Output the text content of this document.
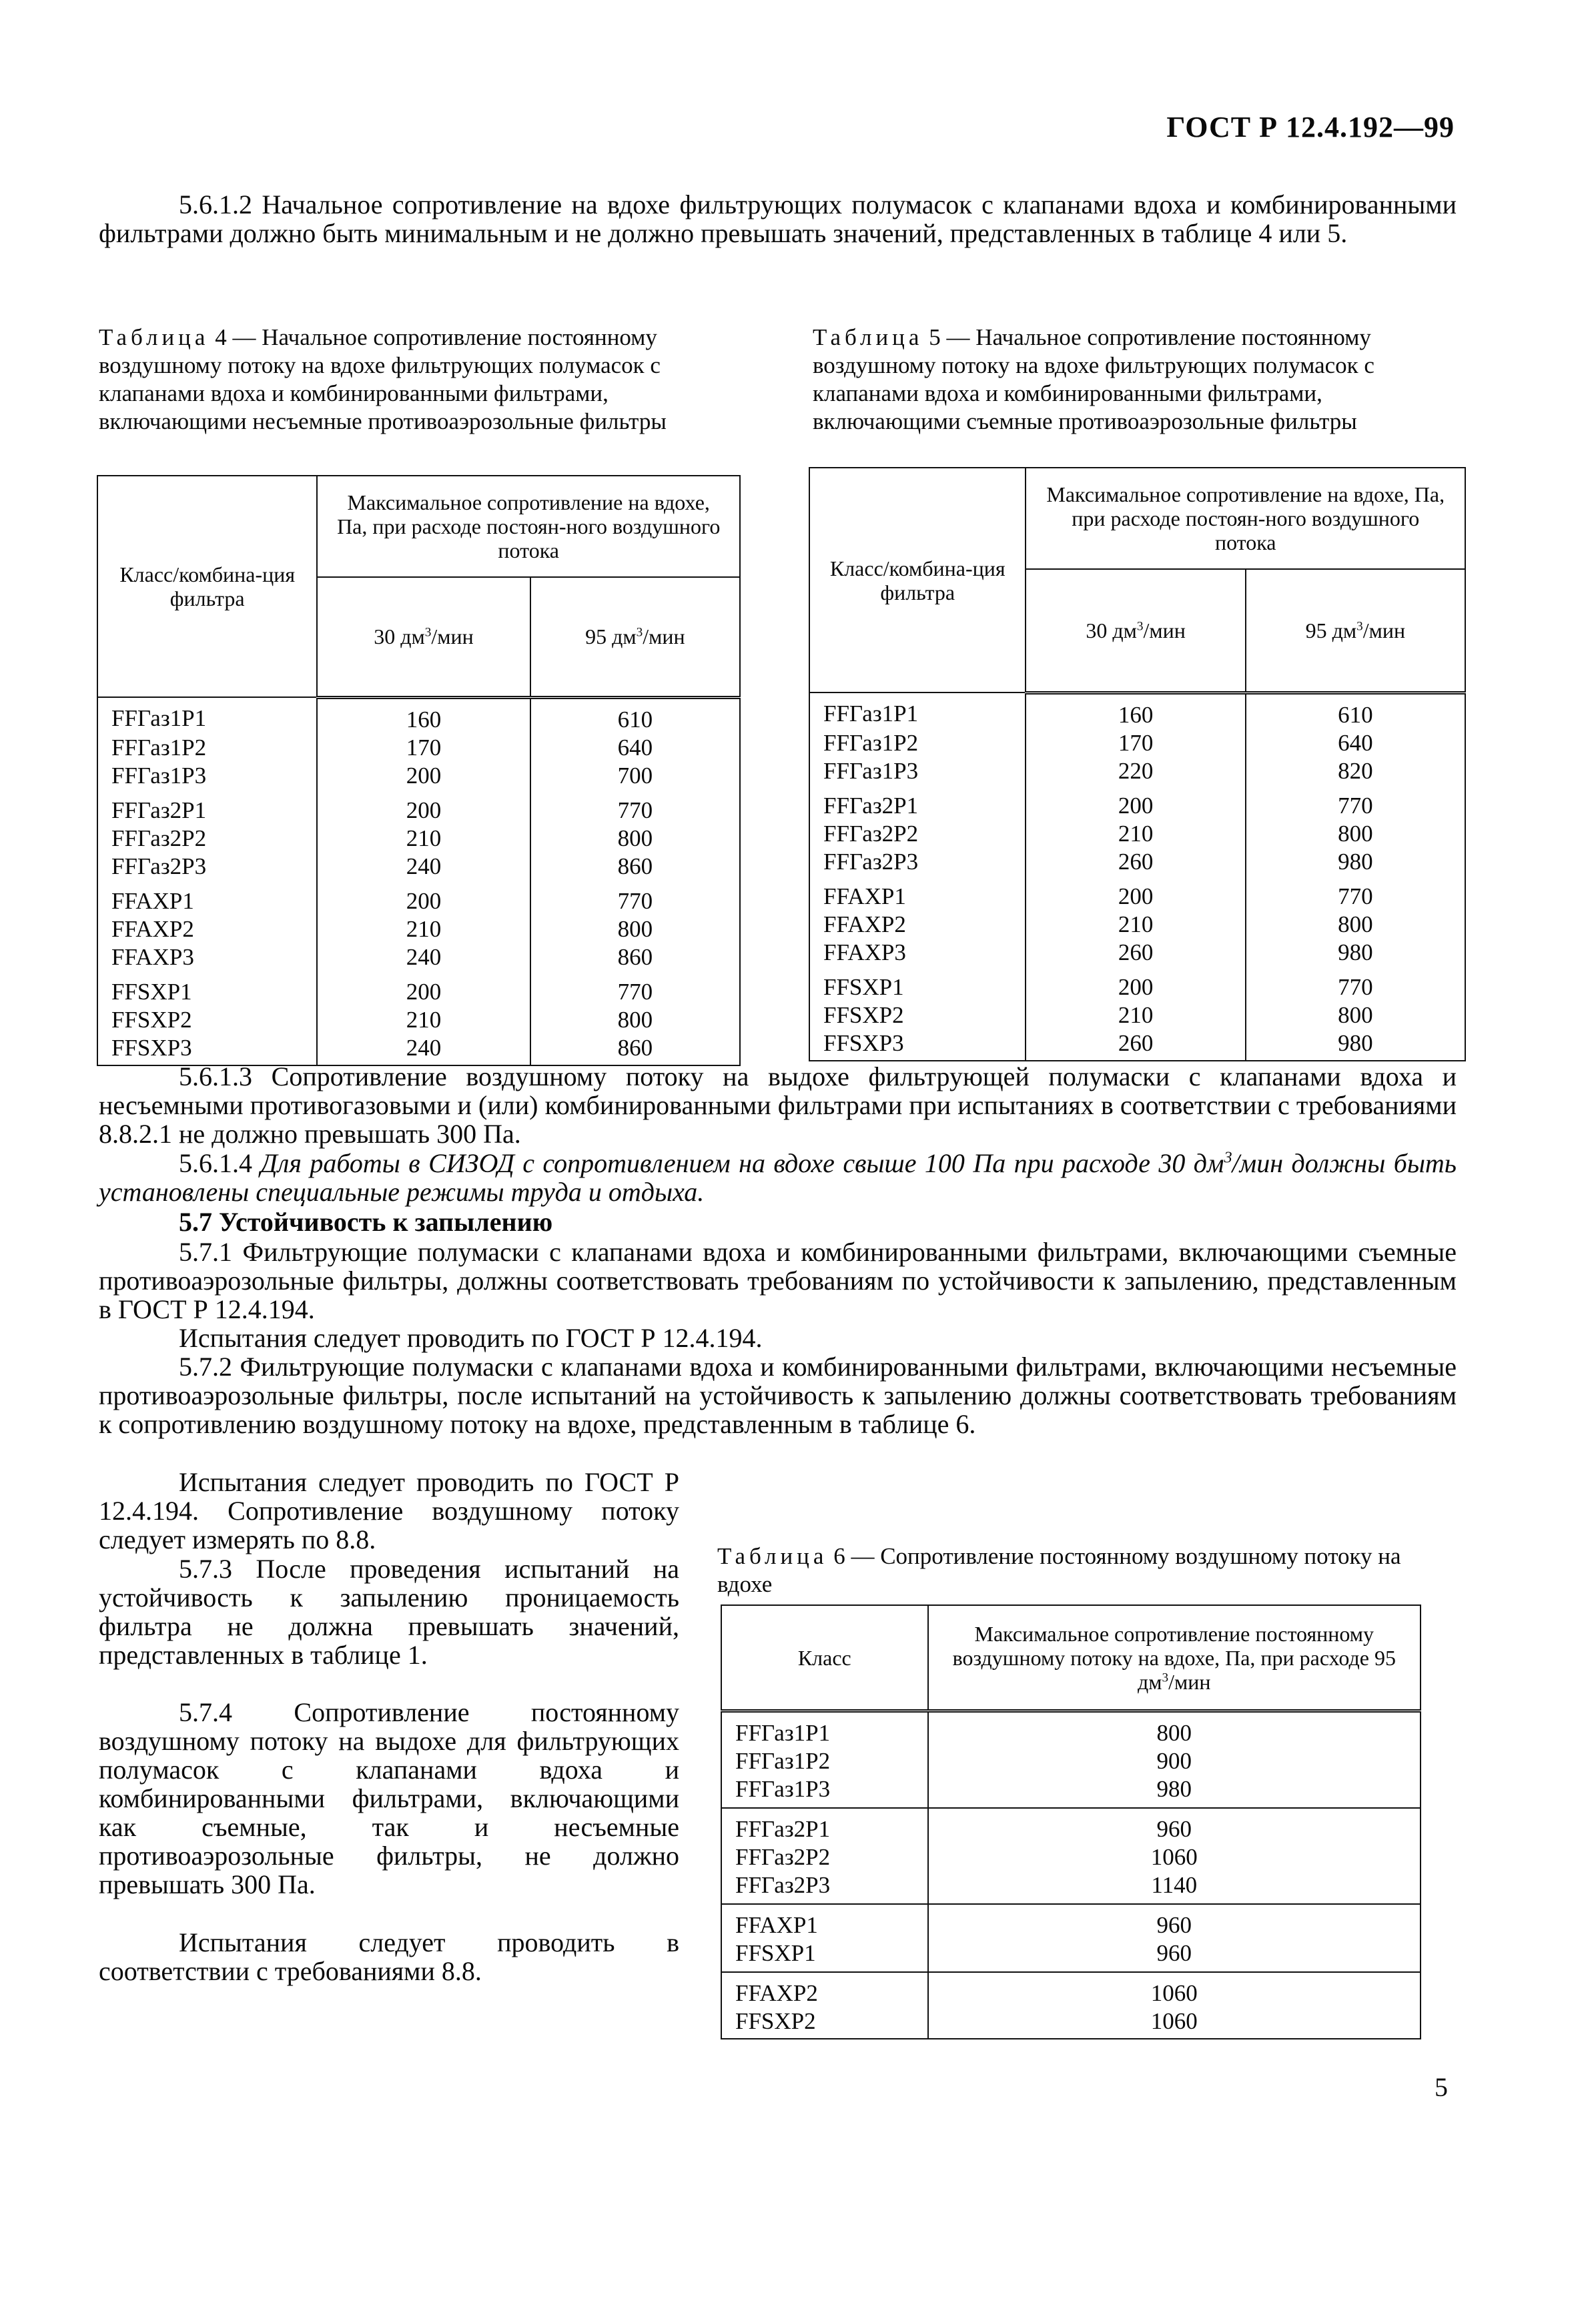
ГОСТ Р 12.4.192—99
5.6.1.2 Начальное сопротивление на вдохе фильтрующих полумасок с клапанами вдоха и комбинированными фильтрами должно быть минимальным и не должно превышать значений, представленных в таблице 4 или 5.
Таблица 4 — Начальное сопротивление постоянному воздушному потоку на вдохе фильтрующих полумасок с клапанами вдоха и комбинированными фильтрами, включающими несъемные противоаэрозольные фильтры
Класс/комбина-ция фильтра	Максимальное сопротивление на вдохе, Па, при расходе постоян-ного воздушного потока	
	30 $дм^3$/мин	95 $дм^3$/мин
FFГаз1Р1	160	610
FFГаз1Р2	170	640
FFГаз1Р3	200	700
FFГаз2Р1	200	770
FFГаз2Р2	210	800
FFГаз2Р3	240	860
FFAXP1	200	770
FFAXP2	210	800
FFAXP3	240	860
FFSXP1	200	770
FFSXP2	210	800
FFSXP3	240	860
Таблица 5 — Начальное сопротивление постоянному воздушному потоку на вдохе фильтрующих полумасок с клапанами вдоха и комбинированными фильтрами, включающими съемные противоаэрозольные фильтры
Класс/комбина-ция фильтра	Максимальное сопротивление на вдохе, Па, при расходе постоян-ного воздушного потока	
	30 $дм^3$/мин	95 $дм^3$/мин
FFГаз1Р1	160	610
FFГаз1Р2	170	640
FFГаз1Р3	220	820
FFГаз2Р1	200	770
FFГаз2Р2	210	800
FFГаз2Р3	260	980
FFAXP1	200	770
FFAXP2	210	800
FFAXP3	260	980
FFSXP1	200	770
FFSXP2	210	800
FFSXP3	260	980
5.6.1.3 Сопротивление воздушному потоку на выдохе фильтрующей полумаски с клапанами вдоха и несъемными противогазовыми и (или) комбинированными фильтрами при испытаниях в соответствии с требованиями 8.8.2.1 не должно превышать 300 Па.
5.6.1.4 Для работы в СИЗОД с сопротивлением на вдохе свыше 100 Па при расходе 30 $дм^3$/мин должны быть установлены специальные режимы труда и отдыха.
5.7 Устойчивость к запылению
5.7.1 Фильтрующие полумаски с клапанами вдоха и комбинированными фильтрами, включающими съемные противоаэрозольные фильтры, должны соответствовать требованиям по устойчивости к запылению, представленным в ГОСТ Р 12.4.194.
Испытания следует проводить по ГОСТ Р 12.4.194.
5.7.2 Фильтрующие полумаски с клапанами вдоха и комбинированными фильтрами, включающими несъемные противоаэрозольные фильтры, после испытаний на устойчивость к запылению должны соответствовать требованиям к сопротивлению воздушному потоку на вдохе, представленным в таблице 6.
Испытания следует проводить по ГОСТ Р 12.4.194. Сопротивление воздушному потоку следует измерять по 8.8.
5.7.3 После проведения испытаний на устойчивость к запылению проницаемость фильтра не должна превышать значений, представленных в таблице 1.
5.7.4 Сопротивление постоянному воздушному потоку на выдохе для фильтрующих полумасок с клапанами вдоха и комбинированными фильтрами, включающими как съемные, так и несъемные противоаэрозольные фильтры, не должно превышать 300 Па.
Испытания следует проводить в соответствии с требованиями 8.8.
Таблица 6 — Сопротивление постоянному воздушному потоку на вдохе
Класс	Максимальное сопротивление постоянному воздушному потоку на вдохе, Па, при расходе 95 $дм^3$/мин
FFГаз1Р1	800
FFГаз1Р2	900
FFГаз1Р3	980
FFГаз2Р1	960
FFГаз2Р2	1060
FFГаз2Р3	1140
FFAXP1	960
FFSXP1	960
FFAXP2	1060
FFSXP2	1060
5
